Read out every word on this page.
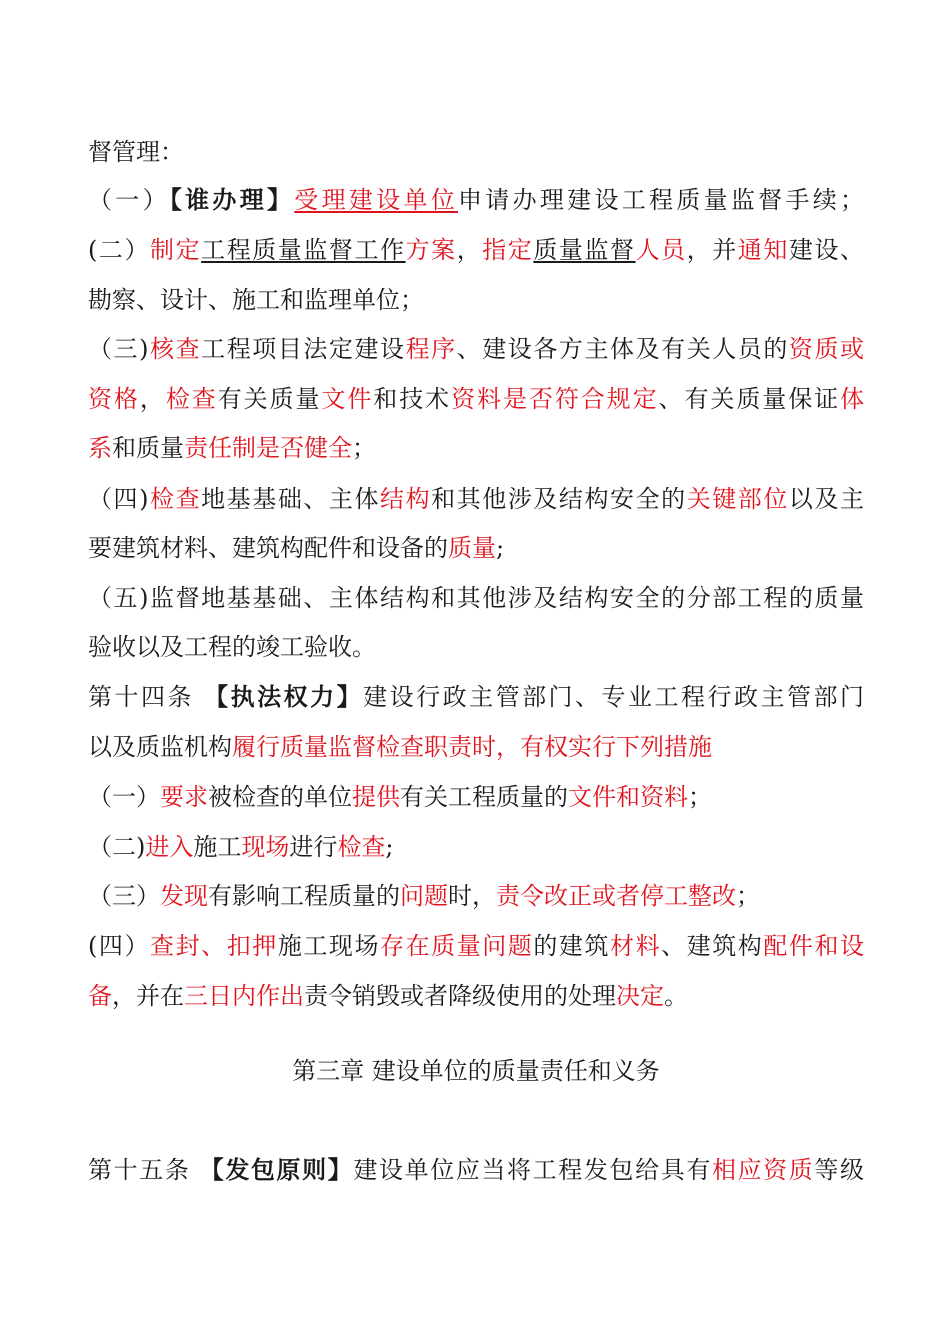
督管理：
（一）【谁办理】受理建设单位申请办理建设工程质量监督手续；
(二）制定工程质量监督工作方案，指定质量监督人员，并通知建设、
勘察、设计、施工和监理单位；
（三)核查工程项目法定建设程序、建设各方主体及有关人员的资质或
资格，检查有关质量文件和技术资料是否符合规定、有关质量保证体
系和质量责任制是否健全；
（四)检查地基基础、主体结构和其他涉及结构安全的关键部位以及主
要建筑材料、建筑构配件和设备的质量;
（五)监督地基基础、主体结构和其他涉及结构安全的分部工程的质量
验收以及工程的竣工验收。
第十四条 【执法权力】建设行政主管部门、专业工程行政主管部门
以及质监机构履行质量监督检查职责时，有权实行下列措施
（一）要求被检查的单位提供有关工程质量的文件和资料；
（二)进入施工现场进行检查;
（三）发现有影响工程质量的问题时，责令改正或者停工整改；
(四）查封、扣押施工现场存在质量问题的建筑材料、建筑构配件和设
备，并在三日内作出责令销毁或者降级使用的处理决定。
第三章 建设单位的质量责任和义务
第十五条 【发包原则】建设单位应当将工程发包给具有相应资质等级
